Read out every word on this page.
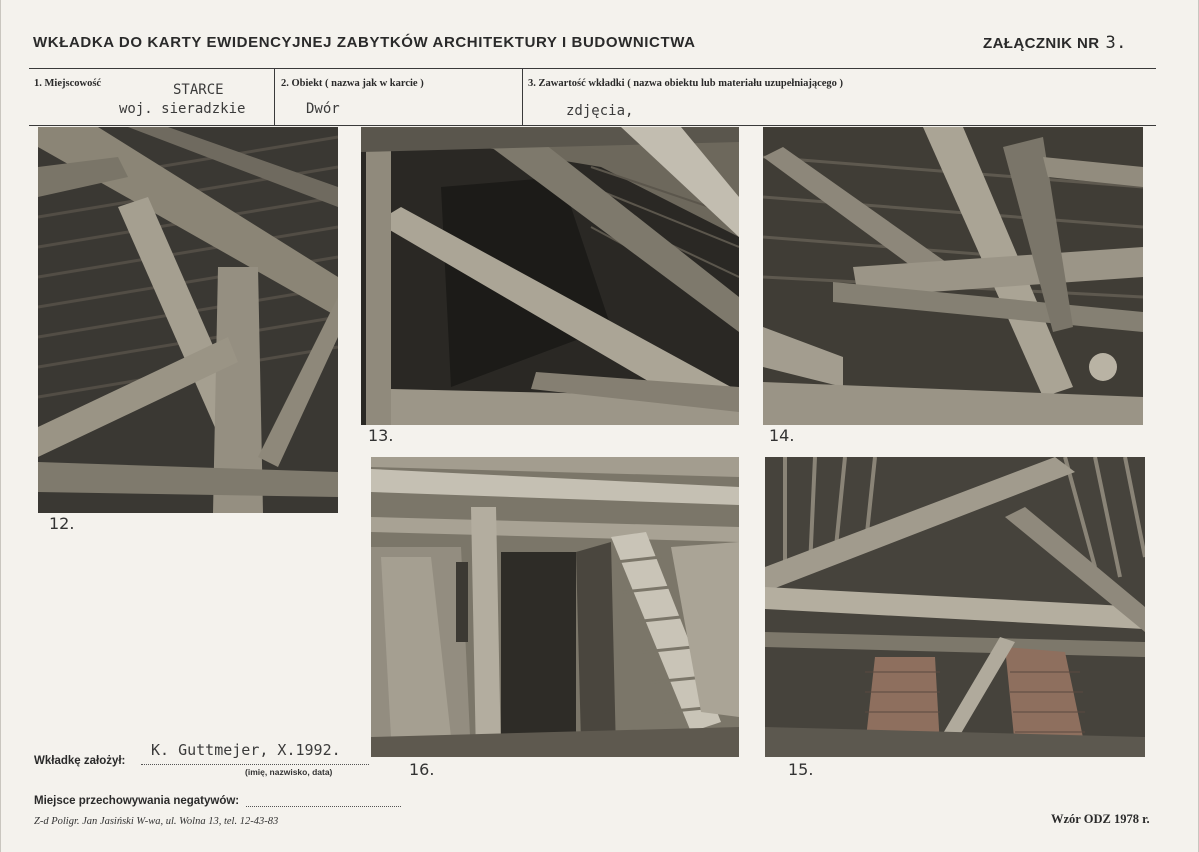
WKŁADKA DO KARTY EWIDENCYJNEJ ZABYTKÓW ARCHITEKTURY I BUDOWNICTWA	ZAŁĄCZNIK NR 3.
1. Miejscowość	STARCE
woj. sieradzkie
2. Obiekt ( nazwa jak w karcie )
Dwór
3. Zawartość wkładki ( nazwa obiektu lub materiału uzupełniającego )
zdjęcia,
12.
13.	14.
16.	15.
Wkładkę założył:
K. Guttmejer, X.1992.
(imię, nazwisko, data)
Miejsce przechowywania negatywów:
Z-d Poligr. Jan Jasiński W-wa, ul. Wolna 13, tel. 12-43-83	Wzór ODZ 1978 r.
